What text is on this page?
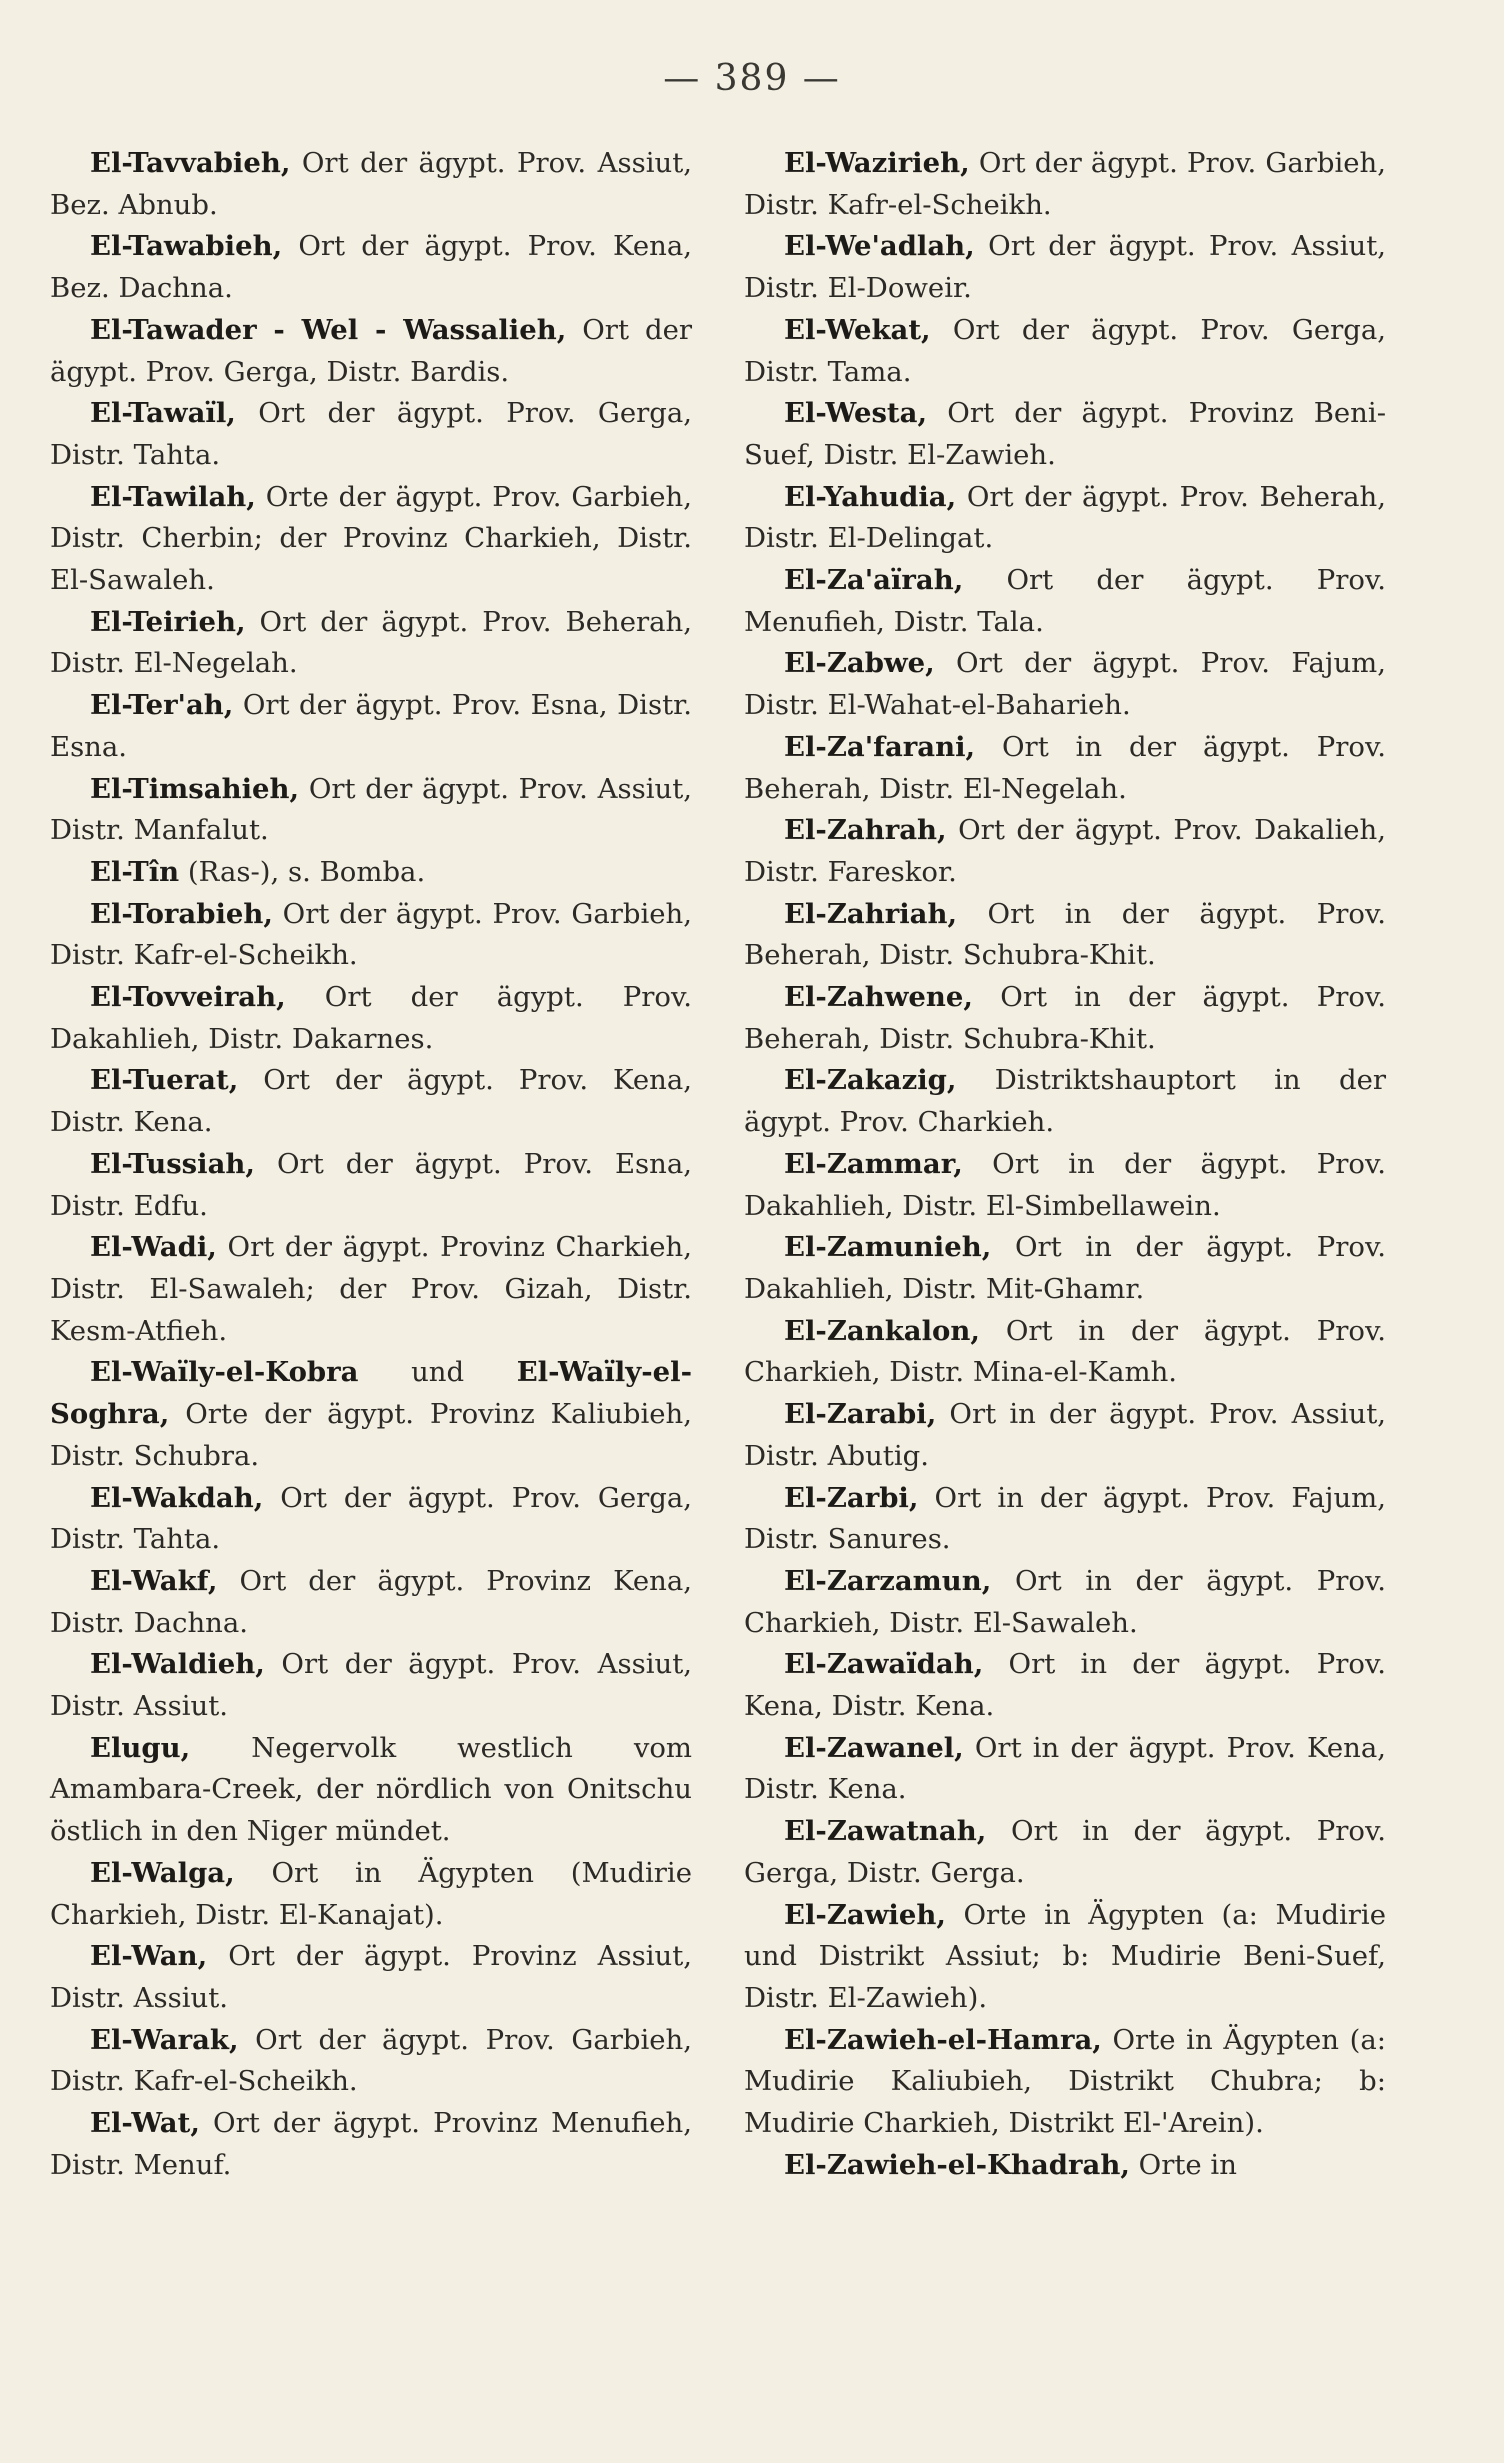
— 389 —

El-Tavvabieh, Ort der ägypt. Prov. Assiut, Bez. Abnub.

El-Tawabieh, Ort der ägypt. Prov. Kena, Bez. Dachna.

El-Tawader - Wel - Wassalieh, Ort der ägypt. Prov. Gerga, Distr. Bardis.

El-Tawaïl, Ort der ägypt. Prov. Gerga, Distr. Tahta.

El-Tawilah, Orte der ägypt. Prov. Garbieh, Distr. Cherbin; der Provinz Charkieh, Distr. El-Sawaleh.

El-Teirieh, Ort der ägypt. Prov. Beherah, Distr. El-Negelah.

El-Ter'ah, Ort der ägypt. Prov. Esna, Distr. Esna.

El-Timsahieh, Ort der ägypt. Prov. Assiut, Distr. Manfalut.

El-Tîn (Ras-), s. Bomba.

El-Torabieh, Ort der ägypt. Prov. Garbieh, Distr. Kafr-el-Scheikh.

El-Tovveirah, Ort der ägypt. Prov. Dakahlieh, Distr. Dakarnes.

El-Tuerat, Ort der ägypt. Prov. Kena, Distr. Kena.

El-Tussiah, Ort der ägypt. Prov. Esna, Distr. Edfu.

El-Wadi, Ort der ägypt. Provinz Charkieh, Distr. El-Sawaleh; der Prov. Gizah, Distr. Kesm-Atfieh.

El-Waïly-el-Kobra und El-Waïly-el-Soghra, Orte der ägypt. Provinz Kaliubieh, Distr. Schubra.

El-Wakdah, Ort der ägypt. Prov. Gerga, Distr. Tahta.

El-Wakf, Ort der ägypt. Provinz Kena, Distr. Dachna.

El-Waldieh, Ort der ägypt. Prov. Assiut, Distr. Assiut.

Elugu, Negervolk westlich vom Amambara-Creek, der nördlich von Onitschu östlich in den Niger mündet.

El-Walga, Ort in Ägypten (Mudirie Charkieh, Distr. El-Kanajat).

El-Wan, Ort der ägypt. Provinz Assiut, Distr. Assiut.

El-Warak, Ort der ägypt. Prov. Garbieh, Distr. Kafr-el-Scheikh.

El-Wat, Ort der ägypt. Provinz Menufieh, Distr. Menuf.

El-Wazirieh, Ort der ägypt. Prov. Garbieh, Distr. Kafr-el-Scheikh.

El-We'adlah, Ort der ägypt. Prov. Assiut, Distr. El-Doweir.

El-Wekat, Ort der ägypt. Prov. Gerga, Distr. Tama.

El-Westa, Ort der ägypt. Provinz Beni-Suef, Distr. El-Zawieh.

El-Yahudia, Ort der ägypt. Prov. Beherah, Distr. El-Delingat.

El-Za'aïrah, Ort der ägypt. Prov. Menufieh, Distr. Tala.

El-Zabwe, Ort der ägypt. Prov. Fajum, Distr. El-Wahat-el-Baharieh.

El-Za'farani, Ort in der ägypt. Prov. Beherah, Distr. El-Negelah.

El-Zahrah, Ort der ägypt. Prov. Dakalieh, Distr. Fareskor.

El-Zahriah, Ort in der ägypt. Prov. Beherah, Distr. Schubra-Khit.

El-Zahwene, Ort in der ägypt. Prov. Beherah, Distr. Schubra-Khit.

El-Zakazig, Distriktshauptort in der ägypt. Prov. Charkieh.

El-Zammar, Ort in der ägypt. Prov. Dakahlieh, Distr. El-Simbellawein.

El-Zamunieh, Ort in der ägypt. Prov. Dakahlieh, Distr. Mit-Ghamr.

El-Zankalon, Ort in der ägypt. Prov. Charkieh, Distr. Mina-el-Kamh.

El-Zarabi, Ort in der ägypt. Prov. Assiut, Distr. Abutig.

El-Zarbi, Ort in der ägypt. Prov. Fajum, Distr. Sanures.

El-Zarzamun, Ort in der ägypt. Prov. Charkieh, Distr. El-Sawaleh.

El-Zawaïdah, Ort in der ägypt. Prov. Kena, Distr. Kena.

El-Zawanel, Ort in der ägypt. Prov. Kena, Distr. Kena.

El-Zawatnah, Ort in der ägypt. Prov. Gerga, Distr. Gerga.

El-Zawieh, Orte in Ägypten (a: Mudirie und Distrikt Assiut; b: Mudirie Beni-Suef, Distr. El-Zawieh).

El-Zawieh-el-Hamra, Orte in Ägypten (a: Mudirie Kaliubieh, Distrikt Chubra; b: Mudirie Charkieh, Distrikt El-'Arein).

El-Zawieh-el-Khadrah, Orte in
